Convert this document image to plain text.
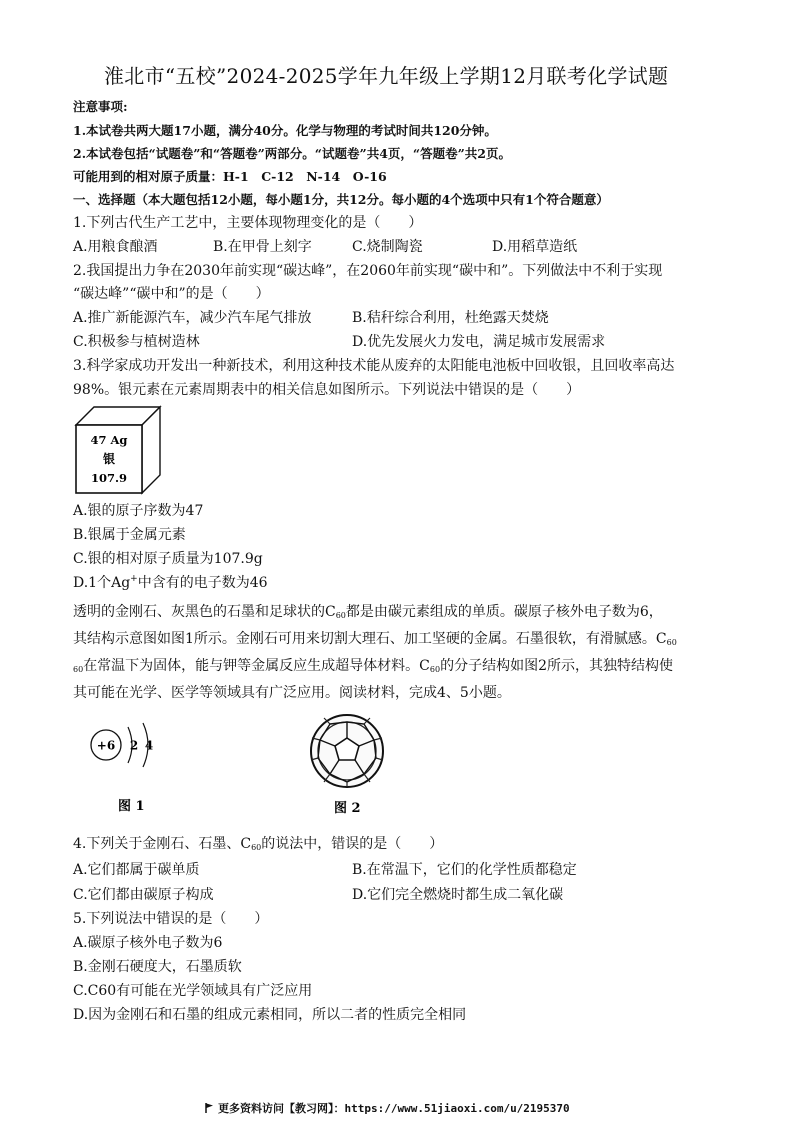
淮北市“五校”2024-2025学年九年级上学期12月联考化学试题
注意事项:
1.本试卷共两大题17小题，满分40分。化学与物理的考试时间共120分钟。
2.本试卷包括“试题卷”和“答题卷”两部分。“试题卷”共4页，“答题卷”共2页。
可能用到的相对原子质量：H-1　C-12　N-14　O-16
一、选择题（本大题包括12小题，每小题1分，共12分。每小题的4个选项中只有1个符合题意）
1.下列古代生产工艺中，主要体现物理变化的是（　　）
A.用粮食酿酒	B.在甲骨上刻字	C.烧制陶瓷	D.用稻草造纸
2.我国提出力争在2030年前实现“碳达峰”，在2060年前实现“碳中和”。下列做法中不利于实现
“碳达峰”“碳中和”的是（　　）
A.推广新能源汽车，减少汽车尾气排放	B.秸秆综合利用，杜绝露天焚烧
C.积极参与植树造林	D.优先发展火力发电，满足城市发展需求
3.科学家成功开发出一种新技术，利用这种技术能从废弃的太阳能电池板中回收银，且回收率高达
98%。银元素在元素周期表中的相关信息如图所示。下列说法中错误的是（　　）
47 Ag
银
107.9
A.银的原子序数为47
B.银属于金属元素
C.银的相对原子质量为107.9g
D.1个Ag+中含有的电子数为46
透明的金刚石、灰黑色的石墨和足球状的$C_{60}$都是由碳元素组成的单质。碳原子核外电子数为6，
其结构示意图如图1所示。金刚石可用来切割大理石、加工坚硬的金属。石墨很软，有滑腻感。$C_{60}$
$_{60}$在常温下为固体，能与钾等金属反应生成超导体材料。$C_{60}$的分子结构如图2所示，其独特结构使
其可能在光学、医学等领域具有广泛应用。阅读材料，完成4、5小题。
+6 2 4
图 1	图 2
4.下列关于金刚石、石墨、$C_{60}$的说法中，错误的是（　　）
A.它们都属于碳单质	B.在常温下，它们的化学性质都稳定
C.它们都由碳原子构成	D.它们完全燃烧时都生成二氧化碳
5.下列说法中错误的是（　　）
A.碳原子核外电子数为6
B.金刚石硬度大，石墨质软
C.C60有可能在光学领域具有广泛应用
D.因为金刚石和石墨的组成元素相同，所以二者的性质完全相同
更多资料访问【教习网】：https://www.51jiaoxi.com/u/2195370
